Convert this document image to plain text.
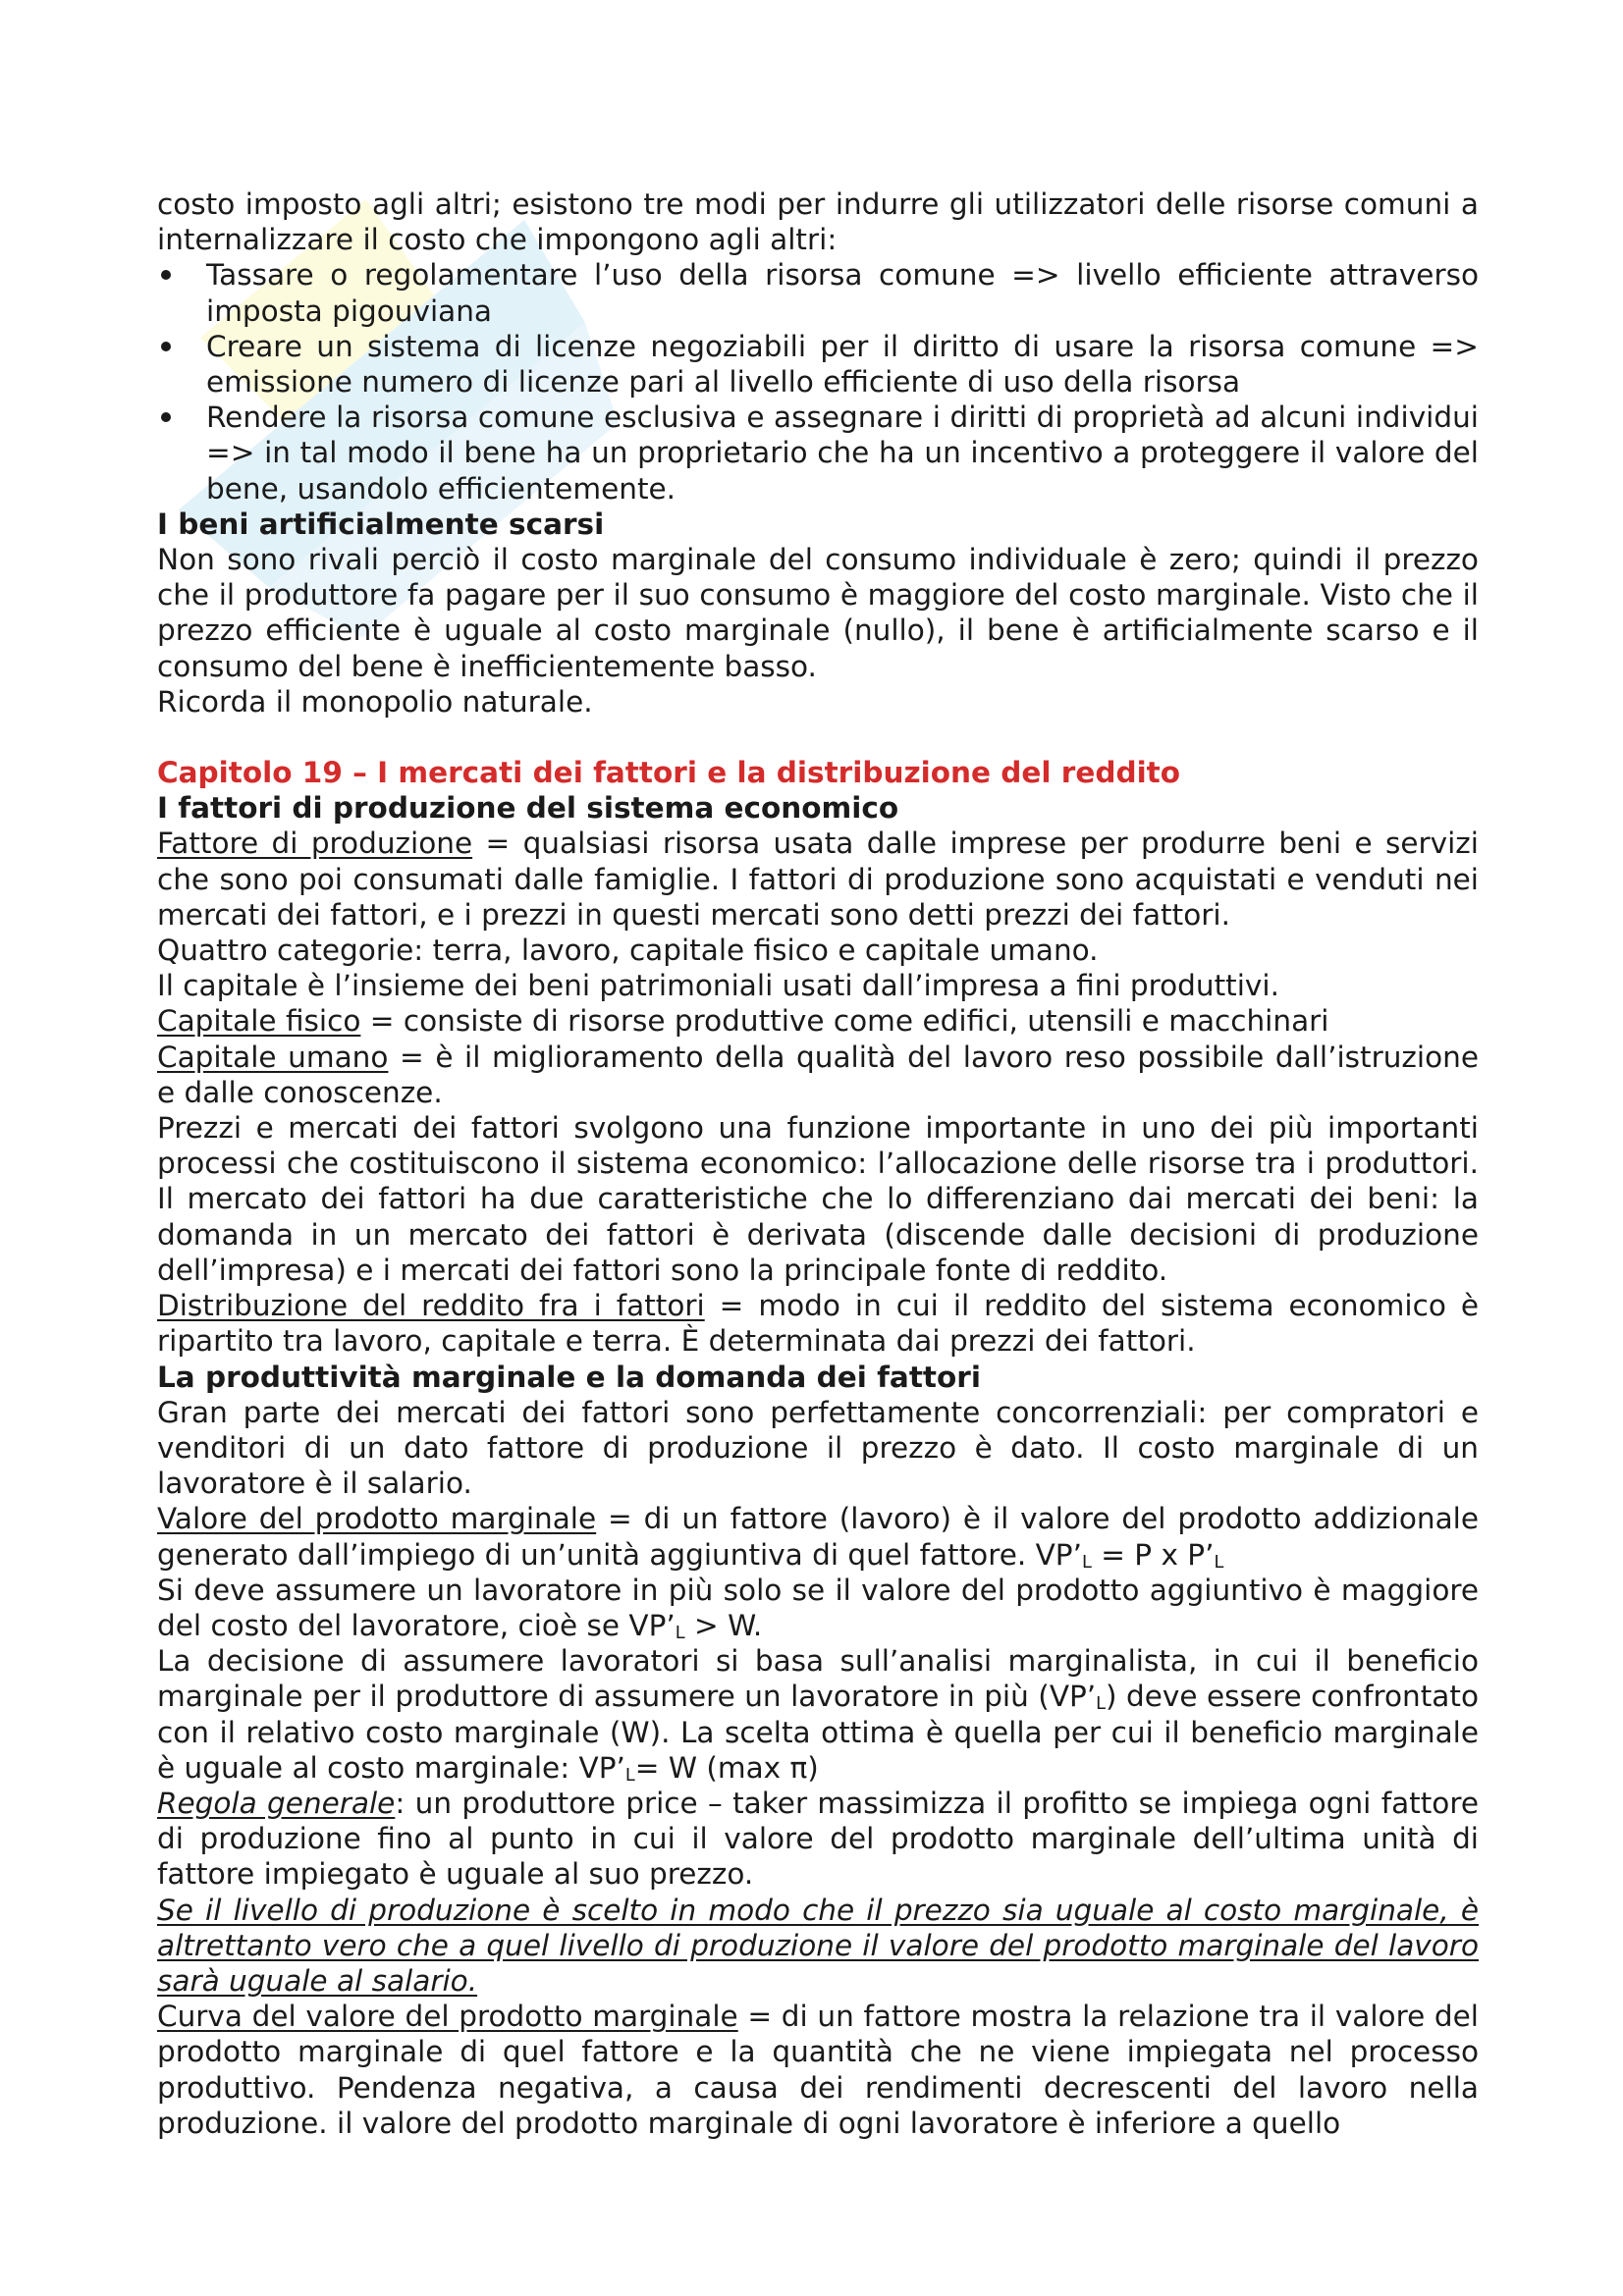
costo imposto agli altri; esistono tre modi per indurre gli utilizzatori delle risorse comuni a internalizzare il costo che impongono agli altri:

Tassare o regolamentare l’uso della risorsa comune => livello efficiente attraverso imposta pigouviana
Creare un sistema di licenze negoziabili per il diritto di usare la risorsa comune => emissione numero di licenze pari al livello efficiente di uso della risorsa
Rendere la risorsa comune esclusiva e assegnare i diritti di proprietà ad alcuni individui => in tal modo il bene ha un proprietario che ha un incentivo a proteggere il valore del bene, usandolo efficientemente.

I beni artificialmente scarsi

Non sono rivali perciò il costo marginale del consumo individuale è zero; quindi il prezzo che il produttore fa pagare per il suo consumo è maggiore del costo marginale. Visto che il prezzo efficiente è uguale al costo marginale (nullo), il bene è artificialmente scarso e il consumo del bene è inefficientemente basso.

Ricorda il monopolio naturale.

Capitolo 19 – I mercati dei fattori e la distribuzione del reddito

I fattori di produzione del sistema economico

Fattore di produzione = qualsiasi risorsa usata dalle imprese per produrre beni e servizi che sono poi consumati dalle famiglie. I fattori di produzione sono acquistati e venduti nei mercati dei fattori, e i prezzi in questi mercati sono detti prezzi dei fattori.

Quattro categorie: terra, lavoro, capitale fisico e capitale umano.

Il capitale è l’insieme dei beni patrimoniali usati dall’impresa a fini produttivi.

Capitale fisico = consiste di risorse produttive come edifici, utensili e macchinari

Capitale umano = è il miglioramento della qualità del lavoro reso possibile dall’istruzione e dalle conoscenze.

Prezzi e mercati dei fattori svolgono una funzione importante in uno dei più importanti processi che costituiscono il sistema economico: l’allocazione delle risorse tra i produttori. Il mercato dei fattori ha due caratteristiche che lo differenziano dai mercati dei beni: la domanda in un mercato dei fattori è derivata (discende dalle decisioni di produzione dell’impresa) e i mercati dei fattori sono la principale fonte di reddito.

Distribuzione del reddito fra i fattori = modo in cui il reddito del sistema economico è ripartito tra lavoro, capitale e terra. È determinata dai prezzi dei fattori.

La produttività marginale e la domanda dei fattori

Gran parte dei mercati dei fattori sono perfettamente concorrenziali: per compratori e venditori di un dato fattore di produzione il prezzo è dato. Il costo marginale di un lavoratore è il salario.

Valore del prodotto marginale = di un fattore (lavoro) è il valore del prodotto addizionale generato dall’impiego di un’unità aggiuntiva di quel fattore. $VP’_L = P$ x $P’_L$

Si deve assumere un lavoratore in più solo se il valore del prodotto aggiuntivo è maggiore del costo del lavoratore, cioè se $VP’_L > W$.

La decisione di assumere lavoratori si basa sull’analisi marginalista, in cui il beneficio marginale per il produttore di assumere un lavoratore in più $(VP’_L)$ deve essere confrontato con il relativo costo marginale (W). La scelta ottima è quella per cui il beneficio marginale è uguale al costo marginale: $VP’_L= W$ (max π)

Regola generale: un produttore price – taker massimizza il profitto se impiega ogni fattore di produzione fino al punto in cui il valore del prodotto marginale dell’ultima unità di fattore impiegato è uguale al suo prezzo.

Se il livello di produzione è scelto in modo che il prezzo sia uguale al costo marginale, è altrettanto vero che a quel livello di produzione il valore del prodotto marginale del lavoro sarà uguale al salario.

Curva del valore del prodotto marginale = di un fattore mostra la relazione tra il valore del prodotto marginale di quel fattore e la quantità che ne viene impiegata nel processo produttivo. Pendenza negativa, a causa dei rendimenti decrescenti del lavoro nella produzione. il valore del prodotto marginale di ogni lavoratore è inferiore a quello
